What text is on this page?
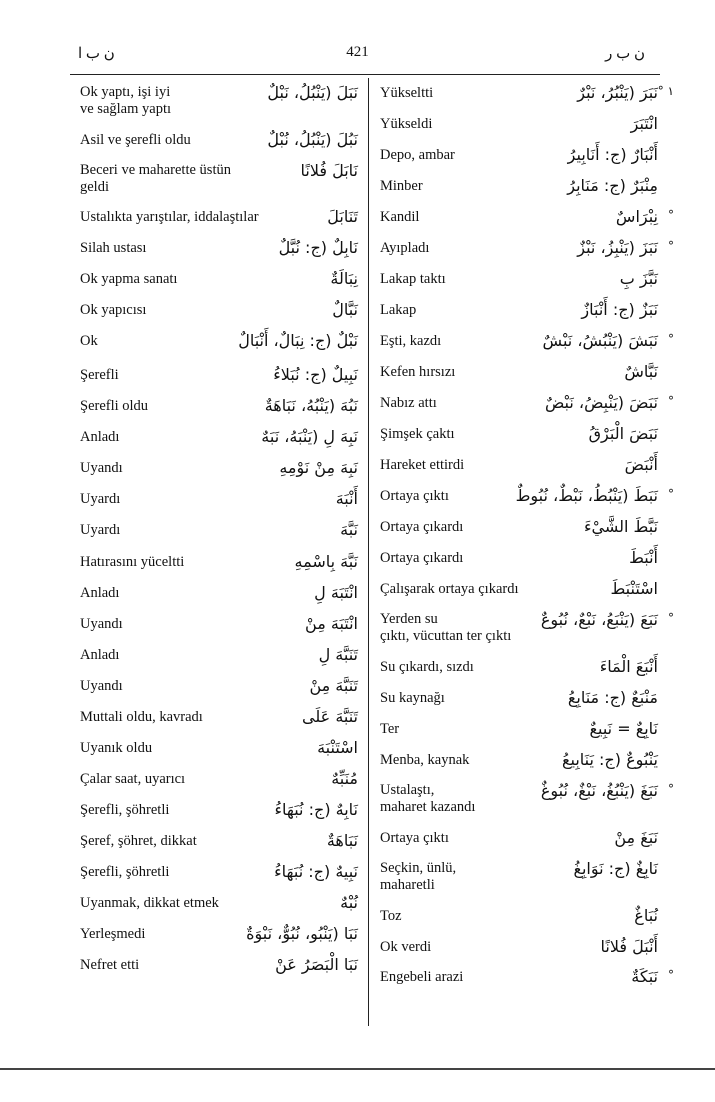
ن ب ا	421	ن ب ر
Ok yaptı, işi iyi
ve sağlam yaptı
نَبَلَ (يَنْبُلُ، نَبْلٌ
Asil ve şerefli oldu	نَبُلَ (يَنْبُلُ، نُبْلٌ
Beceri ve maharette üstün
geldi
نَابَلَ فُلانًا
Ustalıkta yarıştılar, iddalaştılar	تَنَابَلَ
Silah ustası	نَابِلٌ (ج: نُبَّلٌ
Ok yapma sanatı	نِبَالَةٌ
Ok yapıcısı	نَبَّالٌ
Ok	نَبْلٌ (ج: نِبَالٌ، أَنْبَالٌ
Şerefli	نَبِيلٌ (ج: نُبَلاءُ
Şerefli oldu	نَبُهَ (يَنْبُهُ، نَبَاهَةٌ
Anladı	نَبِهَ لِ (يَنْبَهُ، نَبَهٌ
Uyandı	نَبِهَ مِنْ نَوْمِهِ
Uyardı	أَنْبَهَ
Uyardı	نَبَّهَ
Hatırasını yüceltti	نَبَّهَ بِاسْمِهِ
Anladı	انْتَبَهَ لِ
Uyandı	انْتَبَهَ مِنْ
Anladı	تَنَبَّهَ لِ
Uyandı	تَنَبَّهَ مِنْ
Muttali oldu, kavradı	تَنَبَّهَ عَلَى
Uyanık oldu	اسْتَنْبَهَ
Çalar saat, uyarıcı	مُنَبِّهٌ
Şerefli, şöhretli	نَابِهٌ (ج: نُبَهَاءُ
Şeref, şöhret, dikkat	نَبَاهَةٌ
Şerefli, şöhretli	نَبِيهٌ (ج: نُبَهَاءُ
Uyanmak, dikkat etmek	نُبْهٌ
Yerleşmedi	نَبَا (يَنْبُو، نُبُوٌّ، نَبْوَةٌ
Nefret etti	نَبَا الْبَصَرُ عَنْ
Yükseltti	نَبَرَ (يَنْبُرُ، نَبْرٌ ° ١
Yükseldi	انْتَبَرَ
Depo, ambar	أَنْبَارٌ (ج: أَنَابِيرُ
Minber	مِنْبَرٌ (ج: مَنَابِرُ
Kandil	نِبْرَاسٌ °
Ayıpladı	نَبَزَ (يَنْبِزُ، نَبْزٌ °
Lakap taktı	نَبَّزَ بِ
Lakap	نَبَزٌ (ج: أَنْبَازٌ
Eşti, kazdı	نَبَشَ (يَنْبُشُ، نَبْشٌ °
Kefen hırsızı	نَبَّاشٌ
Nabız attı	نَبَضَ (يَنْبِضُ، نَبْضٌ °
Şimşek çaktı	نَبَضَ الْبَرْقُ
Hareket ettirdi	أَنْبَضَ
Ortaya çıktı	نَبَطَ (يَنْبُطُ، نَبْطٌ، نُبُوطٌ °
Ortaya çıkardı	نَبَّطَ الشَّيْءَ
Ortaya çıkardı	أَنْبَطَ
Çalışarak ortaya çıkardı	اسْتَنْبَطَ
Yerden su
çıktı, vücuttan ter çıktı
نَبَعَ (يَنْبَعُ، نَبْعٌ، نُبُوعٌ °
Su çıkardı, sızdı	أَنْبَعَ الْمَاءَ
Su kaynağı	مَنْبَعٌ (ج: مَنَابِعُ
Ter	نَابِعٌ = نَبِيعٌ
Menba, kaynak	يَنْبُوعٌ (ج: يَنَابِيعُ
Ustalaştı,
maharet kazandı
نَبَغَ (يَنْبُغُ، نَبْغٌ، نُبُوغٌ °
Ortaya çıktı	نَبَغَ مِنْ
Seçkin, ünlü,
maharetli
نَابِغٌ (ج: نَوَابِغُ
Toz	نُبَاغٌ
Ok verdi	أَنْبَلَ فُلانًا
Engebeli arazi	نَبَكَةٌ °
